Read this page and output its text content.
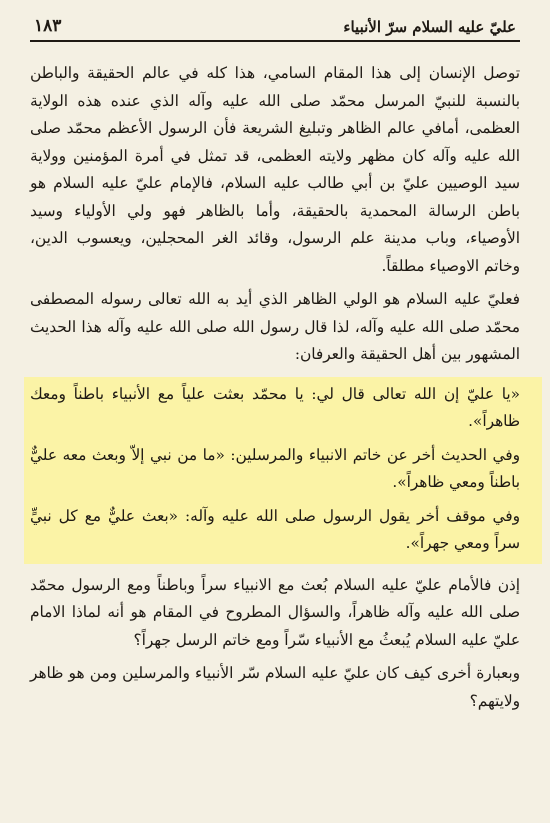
عليّ عليه السلام سرّ الأنبياء
١٨٣

توصل الإنسان إلى هذا المقام السامي، هذا كله في عالم الحقيقة والباطن بالنسبة للنبيّ المرسل محمّد صلى الله عليه وآله الذي عنده هذه الولاية العظمى، أمافي عالم الظاهر وتبليغ الشريعة فأن الرسول الأعظم محمّد صلى الله عليه وآله كان مظهر ولايته العظمى، قد تمثل في أمرة المؤمنين وولاية سيد الوصيين عليّ بن أبي طالب عليه السلام، فالإمام عليّ عليه السلام هو باطن الرسالة المحمدية بالحقيقة، وأما بالظاهر فهو ولي الأولياء وسيد الأوصياء، وباب مدينة علم الرسول، وقائد الغر المحجلين، ويعسوب الدين، وخاتم الاوصياء مطلقاً.

فعليّ عليه السلام هو الولي الظاهر الذي أيد به الله تعالى رسوله المصطفى محمّد صلى الله عليه وآله، لذا قال رسول الله صلى الله عليه وآله هذا الحديث المشهور بين أهل الحقيقة والعرفان:

«يا عليّ إن الله تعالى قال لي: يا محمّد بعثت علياً مع الأنبياء باطناً ومعك ظاهراً».

وفي الحديث أخر عن خاتم الانبياء والمرسلين: «ما من نبي إلاّ وبعث معه عليٌّ باطناً ومعي ظاهراً».

وفي موقف أخر يقول الرسول صلى الله عليه وآله: «بعث عليٌّ مع كل نبيٍّ سراً ومعي جهراً».

إذن فالأمام عليّ عليه السلام بُعث مع الانبياء سراً وباطناً ومع الرسول محمّد صلى الله عليه وآله ظاهراً، والسؤال المطروح في المقام هو أنه لماذا الامام عليّ عليه السلام يُبعثُ مع الأنبياء سّراً ومع خاتم الرسل جهراً؟

وبعبارة أخرى كيف كان عليّ عليه السلام سّر الأنبياء والمرسلين ومن هو ظاهر ولايتهم؟
